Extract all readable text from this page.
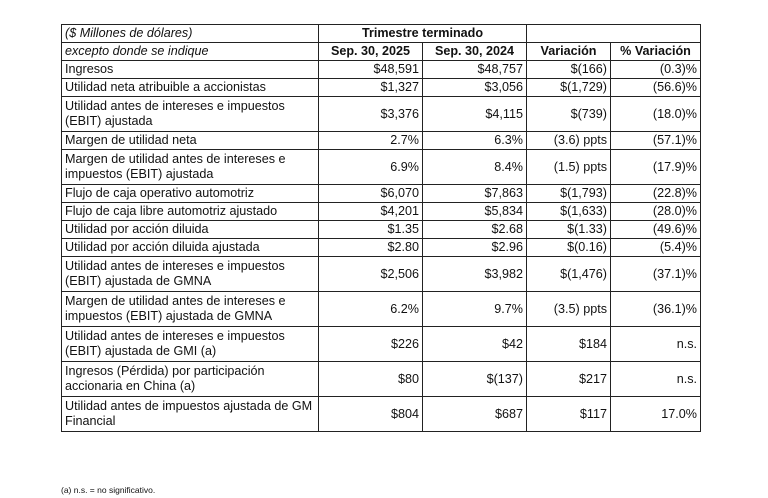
($ Millones de dólares)	Trimestre terminado			
excepto donde se indique	Sep. 30, 2025	Sep. 30, 2024	Variación	% Variación
Ingresos	$48,591	$48,757	$(166)	(0.3)%
Utilidad neta atribuible a accionistas	$1,327	$3,056	$(1,729)	(56.6)%
Utilidad antes de intereses e impuestos (EBIT) ajustada	$3,376	$4,115	$(739)	(18.0)%
Margen de utilidad neta	2.7%	6.3%	(3.6) ppts	(57.1)%
Margen de utilidad antes de intereses e impuestos (EBIT) ajustada	6.9%	8.4%	(1.5) ppts	(17.9)%
Flujo de caja operativo automotriz	$6,070	$7,863	$(1,793)	(22.8)%
Flujo de caja libre automotriz ajustado	$4,201	$5,834	$(1,633)	(28.0)%
Utilidad por acción diluida	$1.35	$2.68	$(1.33)	(49.6)%
Utilidad por acción diluida ajustada	$2.80	$2.96	$(0.16)	(5.4)%
Utilidad antes de intereses e impuestos (EBIT) ajustada de GMNA	$2,506	$3,982	$(1,476)	(37.1)%
Margen de utilidad antes de intereses e impuestos (EBIT) ajustada de GMNA	6.2%	9.7%	(3.5) ppts	(36.1)%
Utilidad antes de intereses e impuestos (EBIT) ajustada de GMI (a)	$226	$42	$184	n.s.
Ingresos (Pérdida) por participación accionaria en China (a)	$80	$(137)	$217	n.s.
Utilidad antes de impuestos ajustada de GM Financial	$804	$687	$117	17.0%
(a) n.s. = no significativo.
